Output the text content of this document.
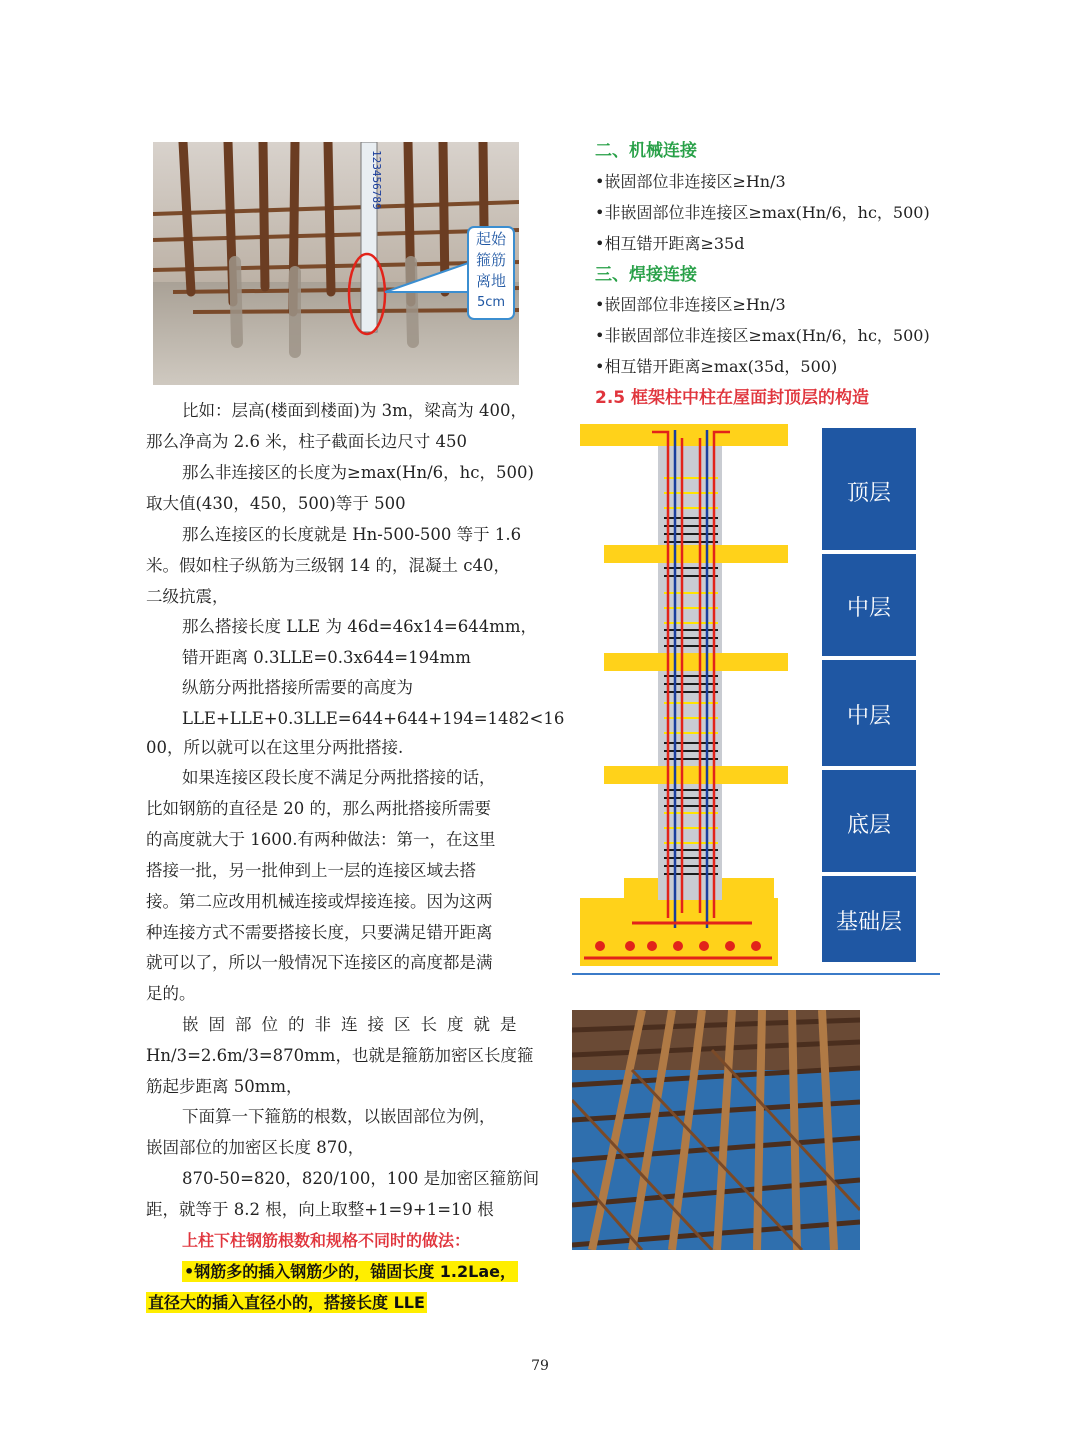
123456789
起始
箍筋
离地
5cm
比如：层高(楼面到楼面)为 3m，梁高为 400，
那么净高为 2.6 米，柱子截面长边尺寸 450
那么非连接区的长度为≥max(Hn/6，hc，500)
取大值(430，450，500)等于 500
那么连接区的长度就是 Hn-500-500 等于 1.6
米。假如柱子纵筋为三级钢 14 的，混凝土 c40，
二级抗震，
那么搭接长度 LLE 为 46d=46x14=644mm，
错开距离 0.3LLE=0.3x644=194mm
纵筋分两批搭接所需要的高度为
LLE+LLE+0.3LLE=644+644+194=1482<16
00，所以就可以在这里分两批搭接.
如果连接区段长度不满足分两批搭接的话，
比如钢筋的直径是 20 的，那么两批搭接所需要
的高度就大于 1600.有两种做法：第一，在这里
搭接一批，另一批伸到上一层的连接区域去搭
接。第二应改用机械连接或焊接连接。因为这两
种连接方式不需要搭接长度，只要满足错开距离
就可以了，所以一般情况下连接区的高度都是满
足的。
嵌固部位的非连接区长度就是
Hn/3=2.6m/3=870mm，也就是箍筋加密区长度箍
筋起步距离 50mm，
下面算一下箍筋的根数，以嵌固部位为例，
嵌固部位的加密区长度 870，
870-50=820，820/100，100 是加密区箍筋间
距，就等于 8.2 根，向上取整+1=9+1=10 根
上柱下柱钢筋根数和规格不同时的做法：
•钢筋多的插入钢筋少的，锚固长度 1.2Lae，
直径大的插入直径小的，搭接长度 LLE
二、机械连接
•嵌固部位非连接区≥Hn/3
•非嵌固部位非连接区≥max(Hn/6，hc，500)
•相互错开距离≥35d
三、焊接连接
•嵌固部位非连接区≥Hn/3
•非嵌固部位非连接区≥max(Hn/6，hc，500)
•相互错开距离≥max(35d，500)
2.5 框架柱中柱在屋面封顶层的构造
顶层
中层
中层
底层
基础层
79
